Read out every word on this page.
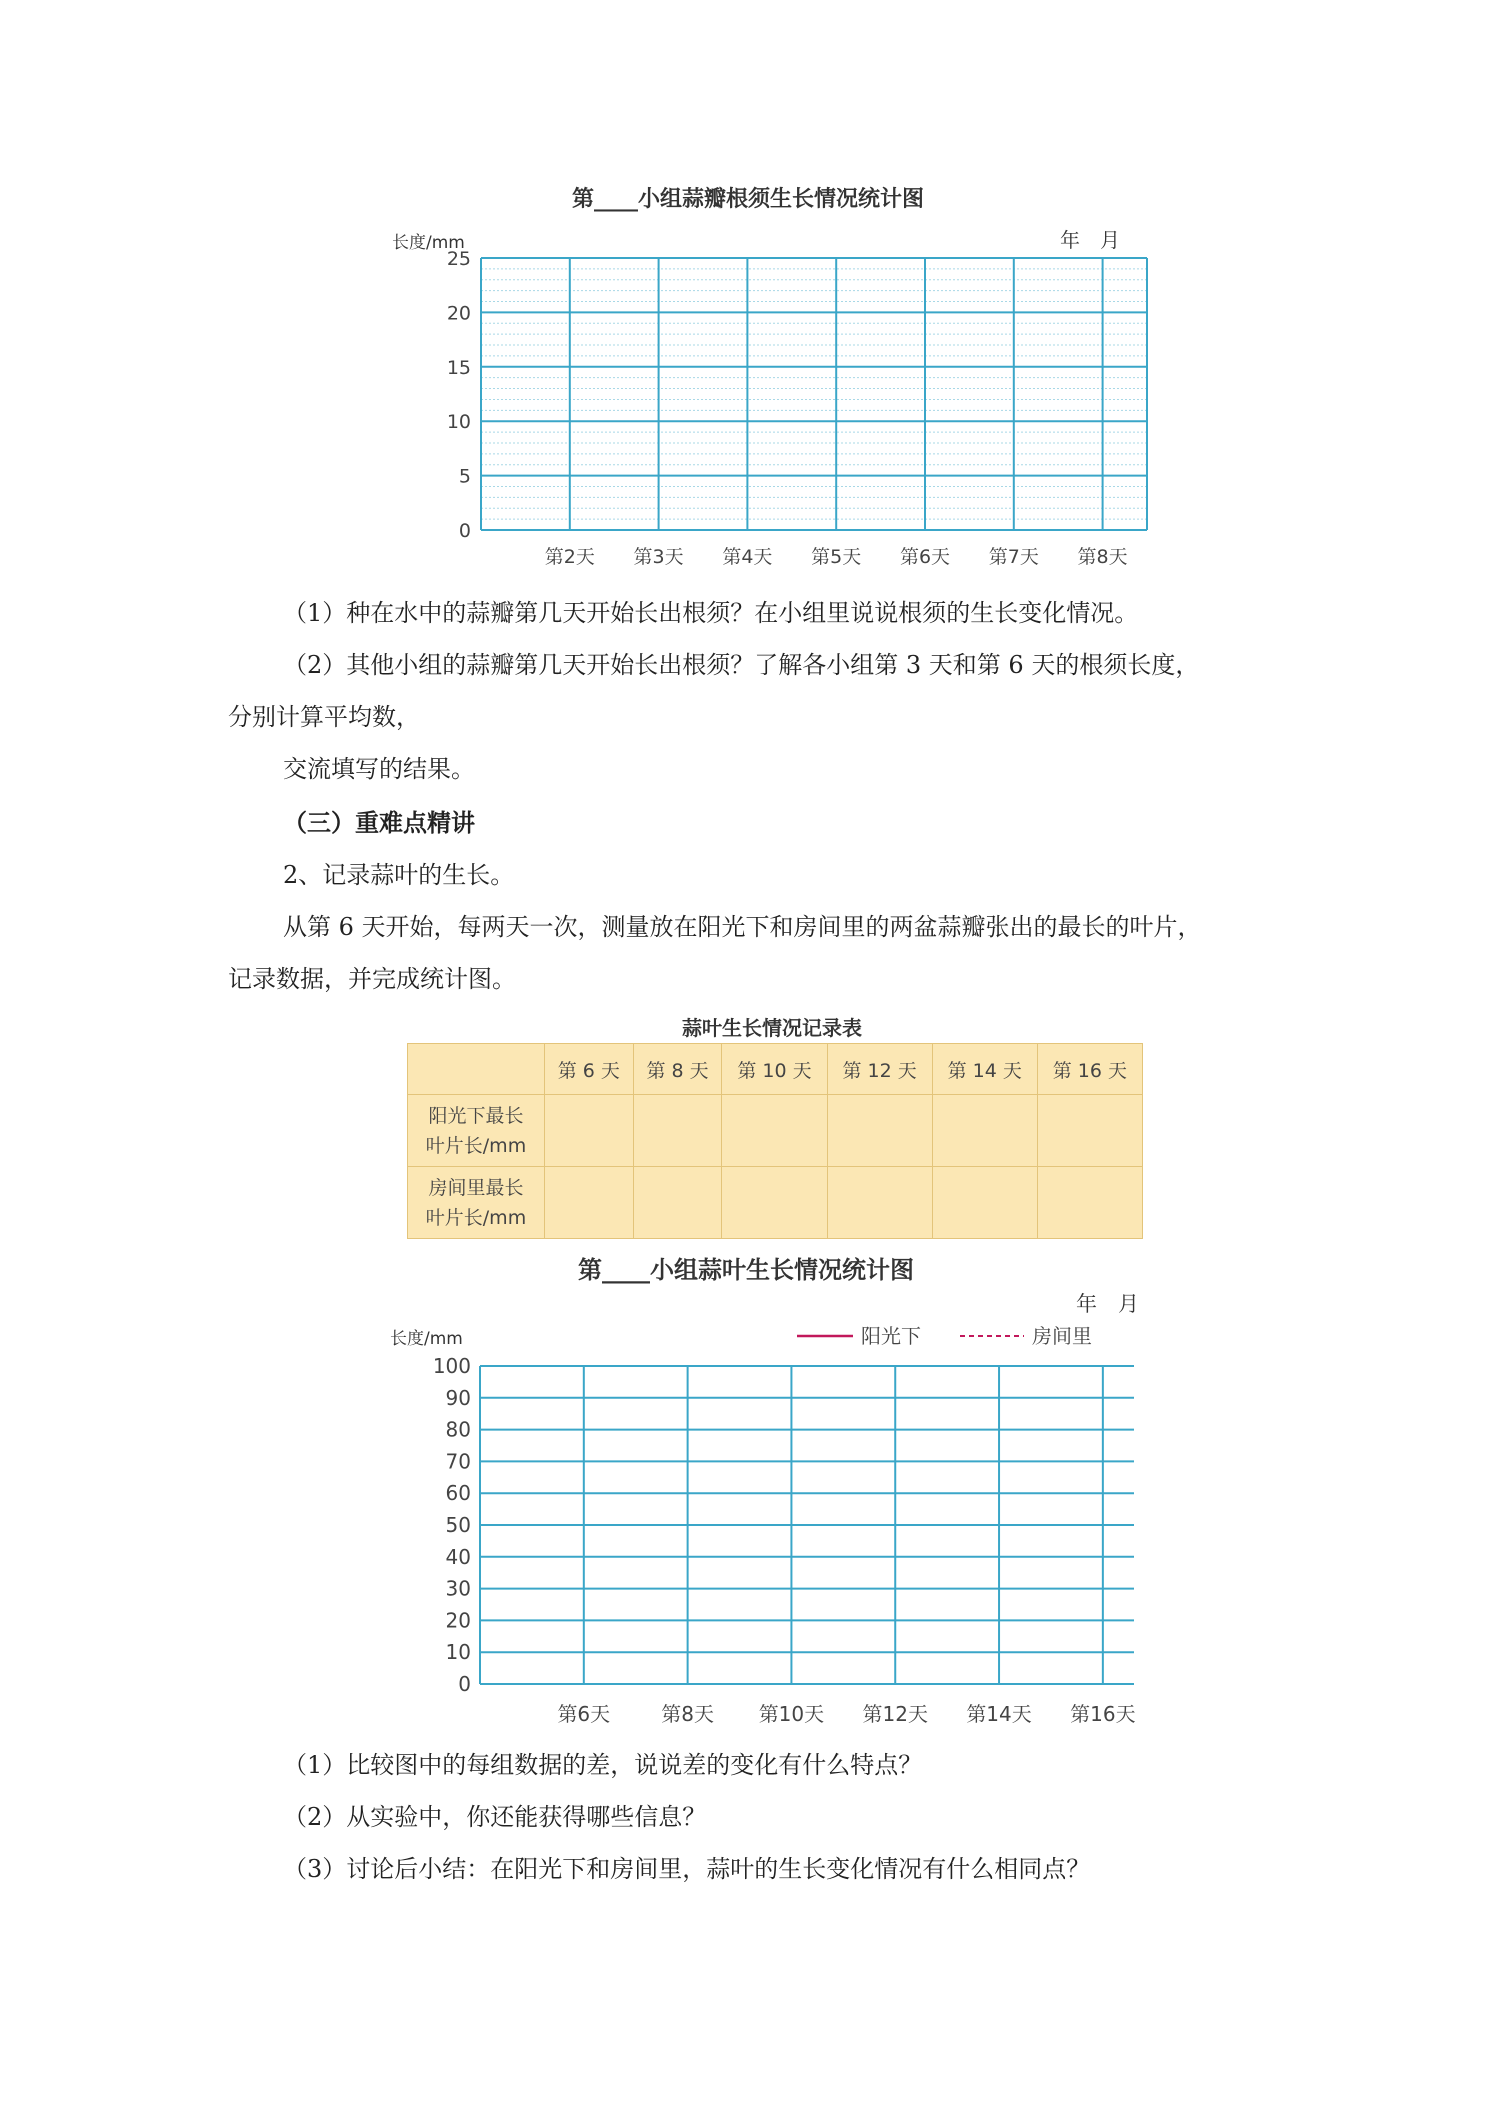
第____小组蒜瓣根须生长情况统计图
长度/mm	年　月
0
5
10
15
20
25
第2天 第3天 第4天 第5天 第6天 第7天 第8天
（1）种在水中的蒜瓣第几天开始长出根须？在小组里说说根须的生长变化情况。
（2）其他小组的蒜瓣第几天开始长出根须？了解各小组第 3 天和第 6 天的根须长度，
分别计算平均数，
交流填写的结果。
（三）重难点精讲
2、记录蒜叶的生长。
从第 6 天开始，每两天一次，测量放在阳光下和房间里的两盆蒜瓣张出的最长的叶片，
记录数据，并完成统计图。
蒜叶生长情况记录表
	第 6 天	第 8 天	第 10 天	第 12 天	第 14 天	第 16 天

阳光下最长
叶片长/mm						

房间里最长
叶片长/mm						

第____小组蒜叶生长情况统计图
年　月
长度/mm	阳光下	房间里
0
10
20
30
40
50
60
70
80
90
100
第6天	第8天 第10天 第12天 第14天 第16天
（1）比较图中的每组数据的差，说说差的变化有什么特点？
（2）从实验中，你还能获得哪些信息？
（3）讨论后小结：在阳光下和房间里，蒜叶的生长变化情况有什么相同点？
